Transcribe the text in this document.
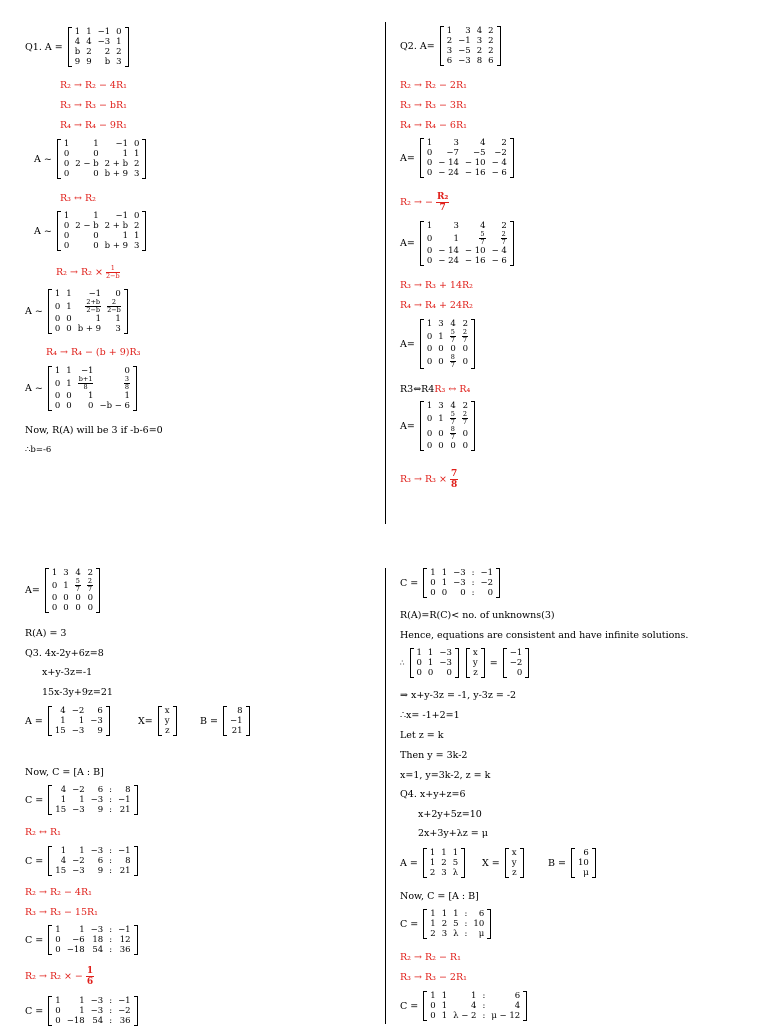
Q1. A =
1	1	−1	0
4	4	−3	1
b	2	2	2
9	9	b	3
R₂ → R₂ − 4R₁
R₃ → R₃ − bR₁
R₄ → R₄ − 9R₁
A ~
1	1	−1	0
0	0	1	1
0	2 − b	2 + b	2
0	0	b + 9	3
R₃ ↔ R₂
A ~
1	1	−1	0
0	2 − b	2 + b	2
0	0	1	1
0	0	b + 9	3
$R_2 \to R_2 \times \frac{1}{2-b}$
A ~
1	1	−1	0
0	1	$\frac{2+b}{2-b}$	$\frac{2}{2-b}$

0	0	1	1
0	0	b + 9	3
R₄ → R₄ − (b + 9)R₃
A ~
1	1	−1	0
0	1	$\frac{b+1}{8}$	$\frac{3}{8}$

0	0	1	1
0	0	0	−b − 6
Now, R(A) will be 3 if -b-6=0
∴b=-6
Q2. A=
1	3	4	2
2	−1	3	2
3	−5	2	2
6	−3	8	6
R₂ → R₂ − 2R₁
R₃ → R₃ − 3R₁
R₄ → R₄ − 6R₁
A=
1	3	4	2
0	−7	−5	−2
0	− 14	− 10	− 4
0	− 24	− 16	− 6
R₂ → − $\frac{\text{R₂}}{7}$
A=
1	3	4	2
0	1	$\frac{5}{7}$	$\frac{2}{7}$

0	− 14	− 10	− 4
0	− 24	− 16	− 6
R₃ → R₃ + 14R₂
R₄ → R₄ + 24R₂
A=
1	3	4	2
0	1	$\frac{5}{7}$	$\frac{2}{7}$

0	0	0	0
0	0	$\frac{8}{7}$	0
R3⇔R4R₃ ↔ R₄
A=
1	3	4	2
0	1	$\frac{5}{7}$	$\frac{2}{7}$

0	0	$\frac{8}{7}$	0
0	0	0	0
$R_3 \to R_3 \times \frac{7}{8}$
A=
1	3	4	2
0	1	$\frac{5}{7}$	$\frac{2}{7}$

0	0	0	0
0	0	0	0
R(A) = 3
Q3. 4x-2y+6z=8
x+y-3z=-1
15x-3y+9z=21
A =
4	−2	6
1	1	−3
15	−3	9
X=
x
y
z
B =
8
−1
21
Now, C = [A : B]
C =
4	−2	6	:	8
1	1	−3	:	−1
15	−3	9	:	21
R₂ ↔ R₁
C =
1	1	−3	:	−1
4	−2	6	:	8
15	−3	9	:	21
R₂ → R₂ − 4R₁
R₃ → R₃ − 15R₁
C =
1	1	−3	:	−1
0	−6	18	:	12
0	−18	54	:	36
R₂ → R₂ × − $\frac{1}{6}$
C =
1	1	−3	:	−1
0	1	−3	:	−2
0	−18	54	:	36
C =
1	1	−3	:	−1
0	1	−3	:	−2
0	0	0	:	0
R(A)=R(C)< no. of unknowns(3)
Hence, equations are consistent and have infinite solutions.
∴
1	1	−3
0	1	−3
0	0	0

x
y
z
=
−1
−2
0
⇒ x+y-3z = -1, y-3z = -2
∴x= -1+2=1
Let z = k
Then y = 3k-2
x=1, y=3k-2, z = k
Q4. x+y+z=6
x+2y+5z=10
2x+3y+λz = μ
A =
1	1	1
1	2	5
2	3	λ
X =
x
y
z
B =
6
10
μ
Now, C = [A : B]
C =
1	1	1	:	6
1	2	5	:	10
2	3	λ	:	μ
R₂ → R₂ − R₁
R₃ → R₃ − 2R₁
C =
1	1	1	:	6
0	1	4	:	4
0	1	λ − 2	:	μ − 12
